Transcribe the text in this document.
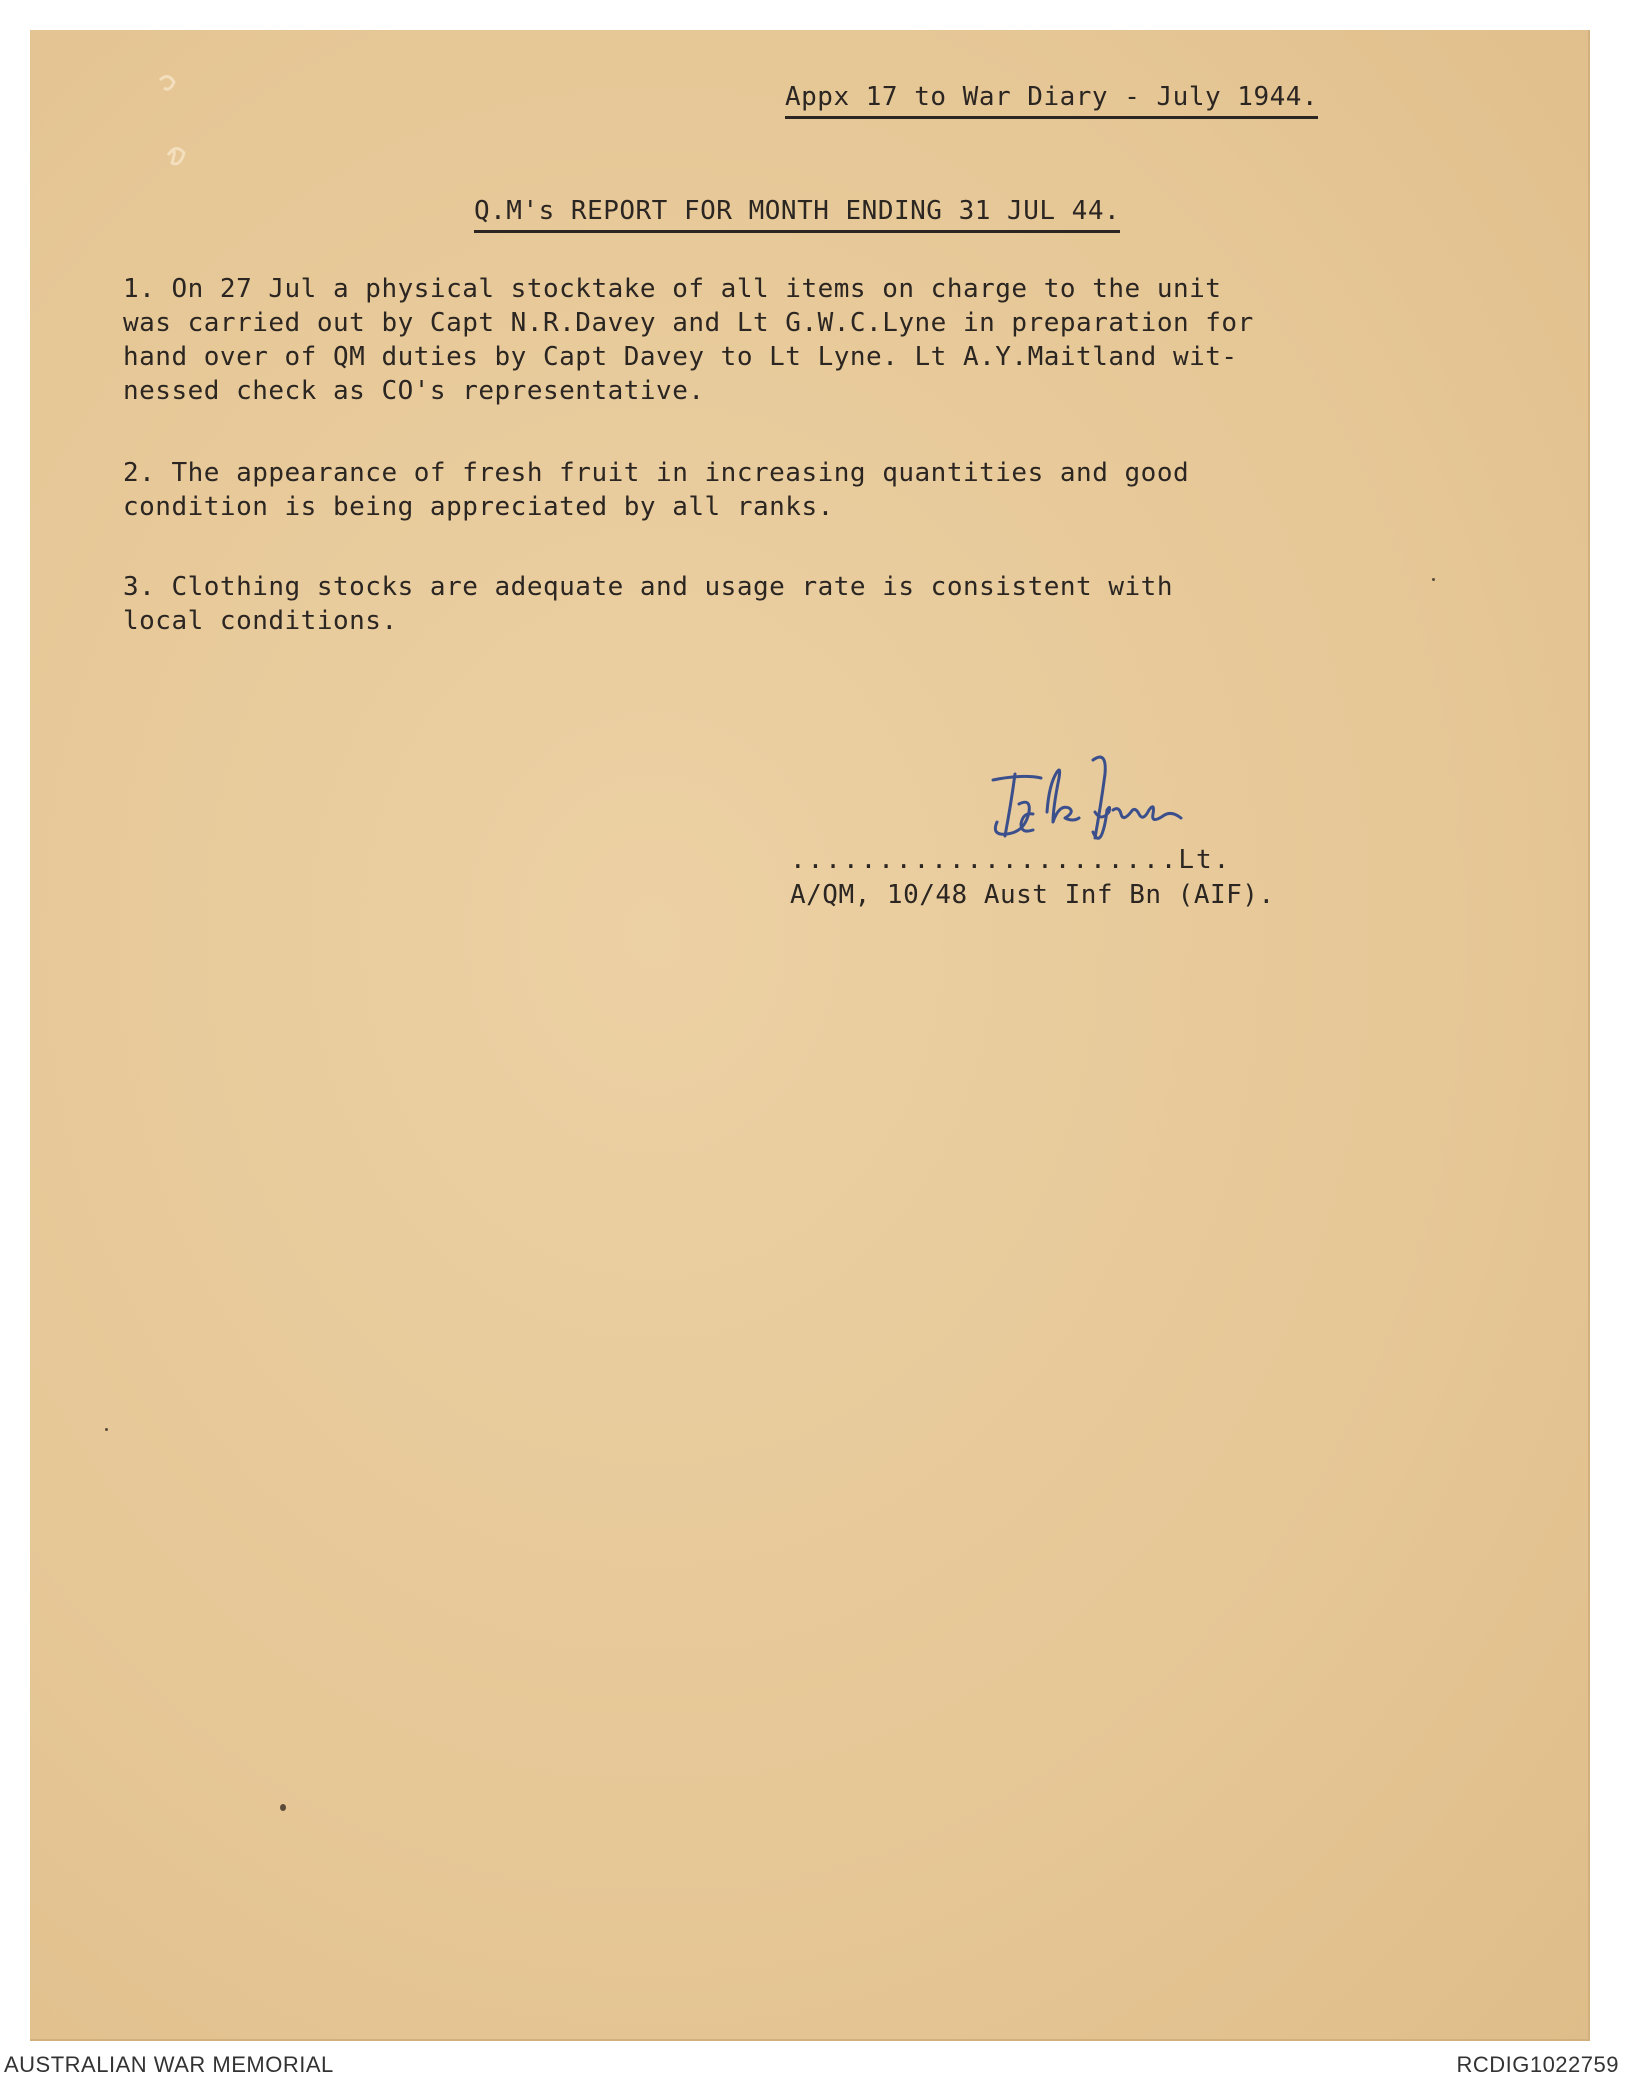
Appx 17 to War Diary - July 1944.
Q.M's REPORT FOR MONTH ENDING 31 JUL 44.
1. On 27 Jul a physical stocktake of all items on charge to the unit
was carried out by Capt N.R.Davey and Lt G.W.C.Lyne in preparation for
hand over of QM duties by Capt Davey to Lt Lyne. Lt A.Y.Maitland wit-
nessed check as CO's representative.
2. The appearance of fresh fruit in increasing quantities and good
condition is being appreciated by all ranks.
3. Clothing stocks are adequate and usage rate is consistent with
local conditions.
......................Lt.
A/QM, 10/48 Aust Inf Bn (AIF).
AUSTRALIAN WAR MEMORIAL	RCDIG1022759
